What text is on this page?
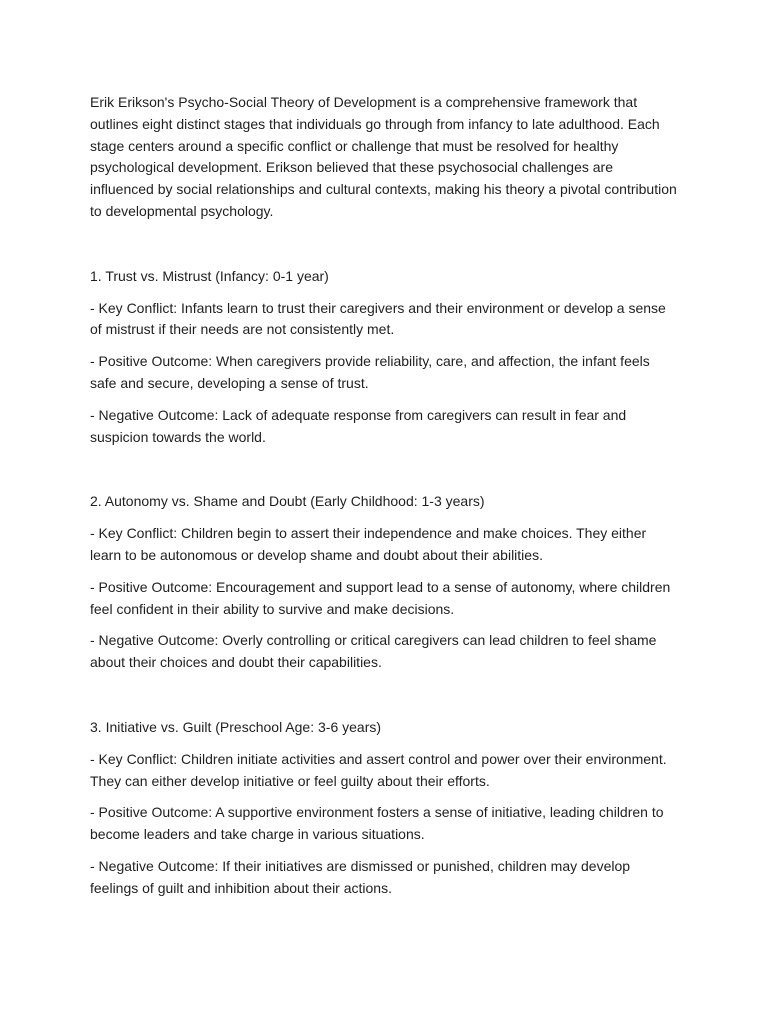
Erik Erikson's Psycho-Social Theory of Development is a comprehensive framework that outlines eight distinct stages that individuals go through from infancy to late adulthood. Each stage centers around a specific conflict or challenge that must be resolved for healthy psychological development. Erikson believed that these psychosocial challenges are influenced by social relationships and cultural contexts, making his theory a pivotal contribution to developmental psychology.

1. Trust vs. Mistrust (Infancy: 0-1 year)

- Key Conflict: Infants learn to trust their caregivers and their environment or develop a sense of mistrust if their needs are not consistently met.

- Positive Outcome: When caregivers provide reliability, care, and affection, the infant feels safe and secure, developing a sense of trust.

- Negative Outcome: Lack of adequate response from caregivers can result in fear and suspicion towards the world.

2. Autonomy vs. Shame and Doubt (Early Childhood: 1-3 years)

- Key Conflict: Children begin to assert their independence and make choices. They either learn to be autonomous or develop shame and doubt about their abilities.

- Positive Outcome: Encouragement and support lead to a sense of autonomy, where children feel confident in their ability to survive and make decisions.

- Negative Outcome: Overly controlling or critical caregivers can lead children to feel shame about their choices and doubt their capabilities.

3. Initiative vs. Guilt (Preschool Age: 3-6 years)

- Key Conflict: Children initiate activities and assert control and power over their environment. They can either develop initiative or feel guilty about their efforts.

- Positive Outcome: A supportive environment fosters a sense of initiative, leading children to become leaders and take charge in various situations.

- Negative Outcome: If their initiatives are dismissed or punished, children may develop feelings of guilt and inhibition about their actions.
